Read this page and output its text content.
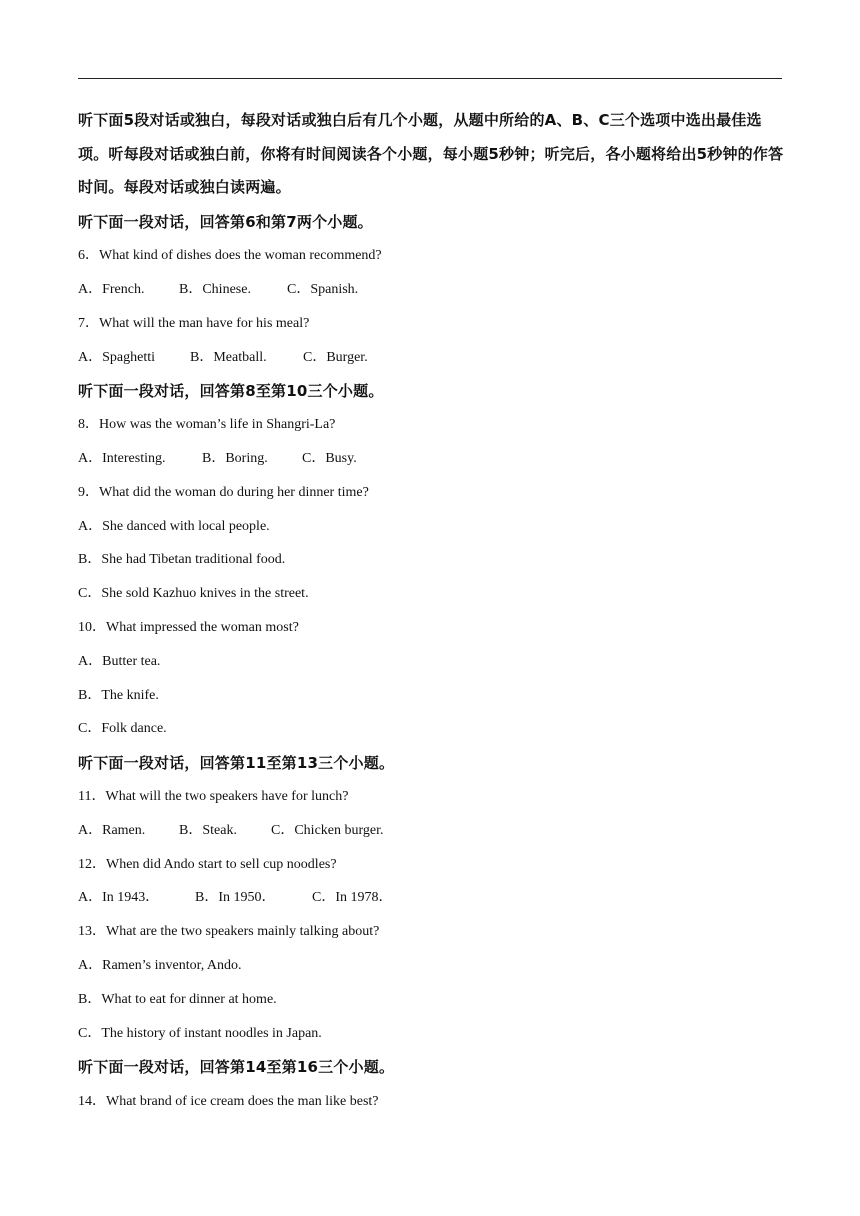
听下面5段对话或独白，每段对话或独白后有几个小题，从题中所给的A、B、C三个选项中选出最佳选项。听每段对话或独白前，你将有时间阅读各个小题，每小题5秒钟；听完后，各小题将给出5秒钟的作答时间。每段对话或独白读两遍。
听下面一段对话，回答第6和第7两个小题。
6．What kind of dishes does the woman recommend?
A．French. B．Chinese.	C．Spanish.
7．What will the man have for his meal?
A．Spaghetti	B．Meatball.	C．Burger.
听下面一段对话，回答第8至第10三个小题。
8．How was the woman’s life in Shangri-La?
A．Interesting.	B．Boring. C．Busy.
9．What did the woman do during her dinner time?
A．She danced with local people.
B．She had Tibetan traditional food.
C．She sold Kazhuo knives in the street.
10．What impressed the woman most?
A．Butter tea.
B．The knife.
C．Folk dance.
听下面一段对话，回答第11至第13三个小题。
11．What will the two speakers have for lunch?
A．Ramen. B．Steak. C．Chicken burger.
12．When did Ando start to sell cup noodles?
A．In 1943．	B．In 1950．	C．In 1978．
13．What are the two speakers mainly talking about?
A．Ramen’s inventor, Ando.
B．What to eat for dinner at home.
C．The history of instant noodles in Japan.
听下面一段对话，回答第14至第16三个小题。
14．What brand of ice cream does the man like best?
